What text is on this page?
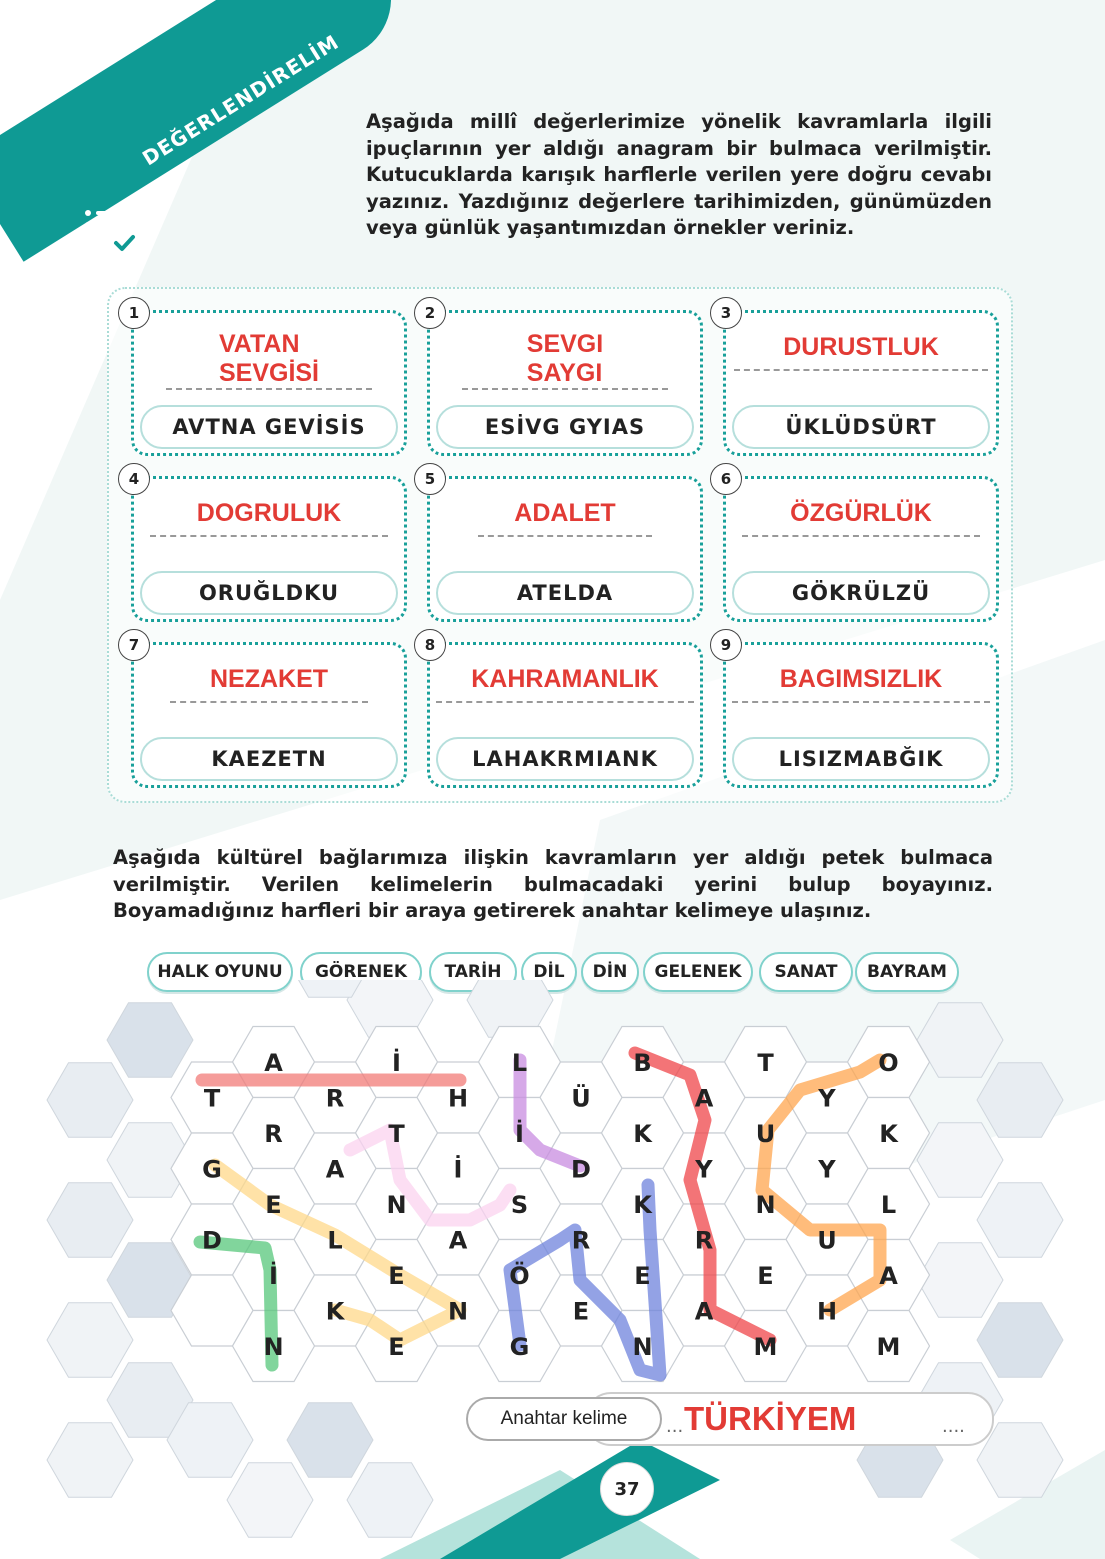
DEĞERLENDİRELİM Aşağıda millî değerlerimize yönelik kavramlarla ilgili ipuçlarının yer aldığı anagram bir bulmaca verilmiştir. Kutucuklarda karışık harflerle verilen yere doğru cevabı yazınız. Yazdığınız değerlere tarihimizden, günümüzden veya günlük yaşantımızdan örnekler veriniz.

1
VATAN
SEVGİSİ
AVTNA GEVİSİS
2
SEVGI
SAYGI
ESİVG GYIAS
3
DURUSTLUK
ÜKLÜDSÜRT
4
DOGRULUK
ORUĞLDKU
5
ADALET
ATELDA
6
ÖZGÜRLÜK
GÖKRÜLZÜ
7
NEZAKET
KAEZETN
8
KAHRAMANLIK
LAHAKRMIANK
9
BAGIMSIZLIK
LISIZMABĞIK

Aşağıda kültürel bağlarımıza ilişkin kavramların yer aldığı petek bulmaca verilmiştir. Verilen kelimelerin bulmacadaki yerini bulup boyayınız. Boyamadığınız harfleri bir araya getirerek anahtar kelimeye ulaşınız.

HALK OYUNU	GÖRENEK	TARİH	DİL	DİN	GELENEK	SANAT	BAYRAM
A	İ	L	B	T	O
T	R	H	Ü	A	Y
R	T	İ	K	U	K
G	A	İ	D	Y	Y
E	N	S	K	N	L
D	L	A	R	R	U
İ	E	Ö	E	E	A
K	N	E	A	H
N	E	G	N	M	M
Anahtar kelime	... TÜRKİYEM	....
37
